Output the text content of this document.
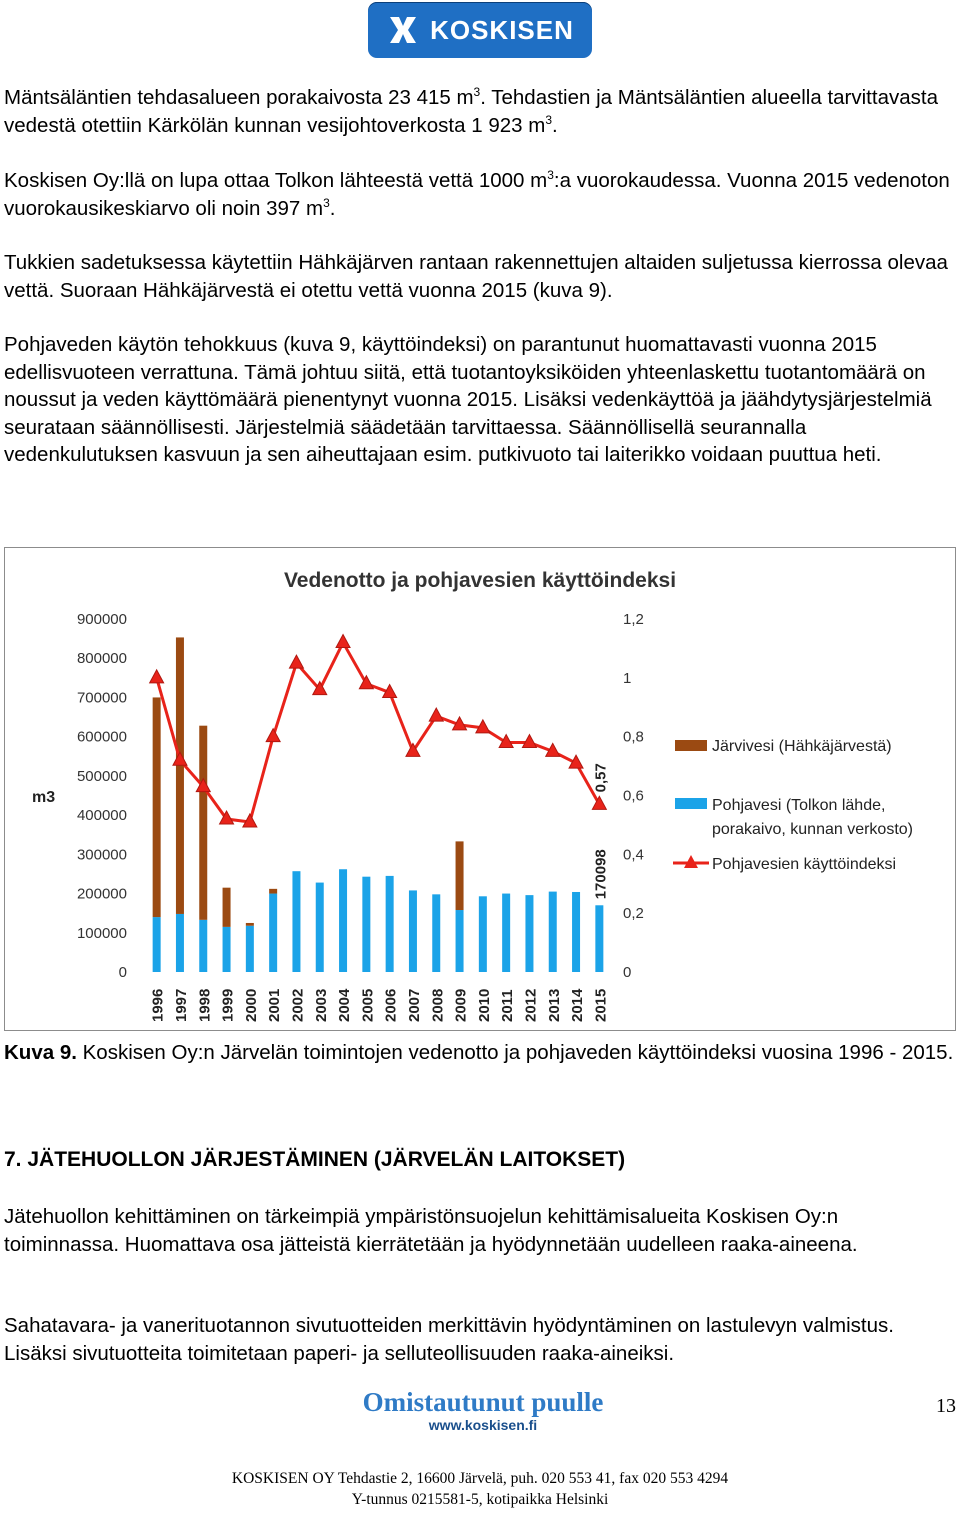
KOSKISEN

Mäntsäläntien tehdasalueen porakaivosta 23 415 $m^3$. Tehdastien ja Mäntsäläntien alueella tarvittavasta vedestä otettiin Kärkölän kunnan vesijohtoverkosta 1 923 $m^3$.

Koskisen Oy:llä on lupa ottaa Tolkon lähteestä vettä 1000 $m^3:a$ vuorokaudessa. Vuonna 2015 vedenoton vuorokausikeskiarvo oli noin 397 $m^3$.

Tukkien sadetuksessa käytettiin Hähkäjärven rantaan rakennettujen altaiden suljetussa kierrossa olevaa vettä. Suoraan Hähkäjärvestä ei otettu vettä vuonna 2015 (kuva 9).

Pohjaveden käytön tehokkuus (kuva 9, käyttöindeksi) on parantunut huomattavasti vuonna 2015 edellisvuoteen verrattuna. Tämä johtuu siitä, että tuotantoyksiköiden yhteenlaskettu tuotantomäärä on noussut ja veden käyttömäärä pienentynyt vuonna 2015. Lisäksi vedenkäyttöä ja jäähdytysjärjestelmiä seurataan säännöllisesti. Järjestelmiä säädetään tarvittaessa. Säännöllisellä seurannalla vedenkulutuksen kasvuun ja sen aiheuttajaan esim. putkivuoto tai laiterikko voidaan puuttua heti.

Vedenotto ja pohjavesien käyttöindeksi
m3
0
100000
200000
300000
400000
500000
600000
700000
800000
900000
0
0,2
0,4
0,6
0,8
1
1,2
1996 1997 1998 1999 2000 2001 2002 2003 2004 2005 2006 2007 2008 2009 2010 2011 2012 2013 2014 2015
0,57
170098
Järvivesi (Hähkäjärvestä)
Pohjavesi (Tolkon lähde,
porakaivo, kunnan verkosto)
Pohjavesien käyttöindeksi
Kuva 9. Koskisen Oy:n Järvelän toimintojen vedenotto ja pohjaveden käyttöindeksi vuosina 1996 - 2015.
7. JÄTEHUOLLON JÄRJESTÄMINEN (JÄRVELÄN LAITOKSET)

Jätehuollon kehittäminen on tärkeimpiä ympäristönsuojelun kehittämisalueita Koskisen Oy:n toiminnassa. Huomattava osa jätteistä kierrätetään ja hyödynnetään uudelleen raaka-aineena.

Sahatavara- ja vanerituotannon sivutuotteiden merkittävin hyödyntäminen on lastulevyn valmistus. Lisäksi sivutuotteita toimitetaan paperi- ja selluteollisuuden raaka-aineiksi.

Omistautunut puulle
www.koskisen.fi
13
KOSKISEN OY Tehdastie 2, 16600 Järvelä, puh. 020 553 41, fax 020 553 4294
Y-tunnus 0215581-5, kotipaikka Helsinki
